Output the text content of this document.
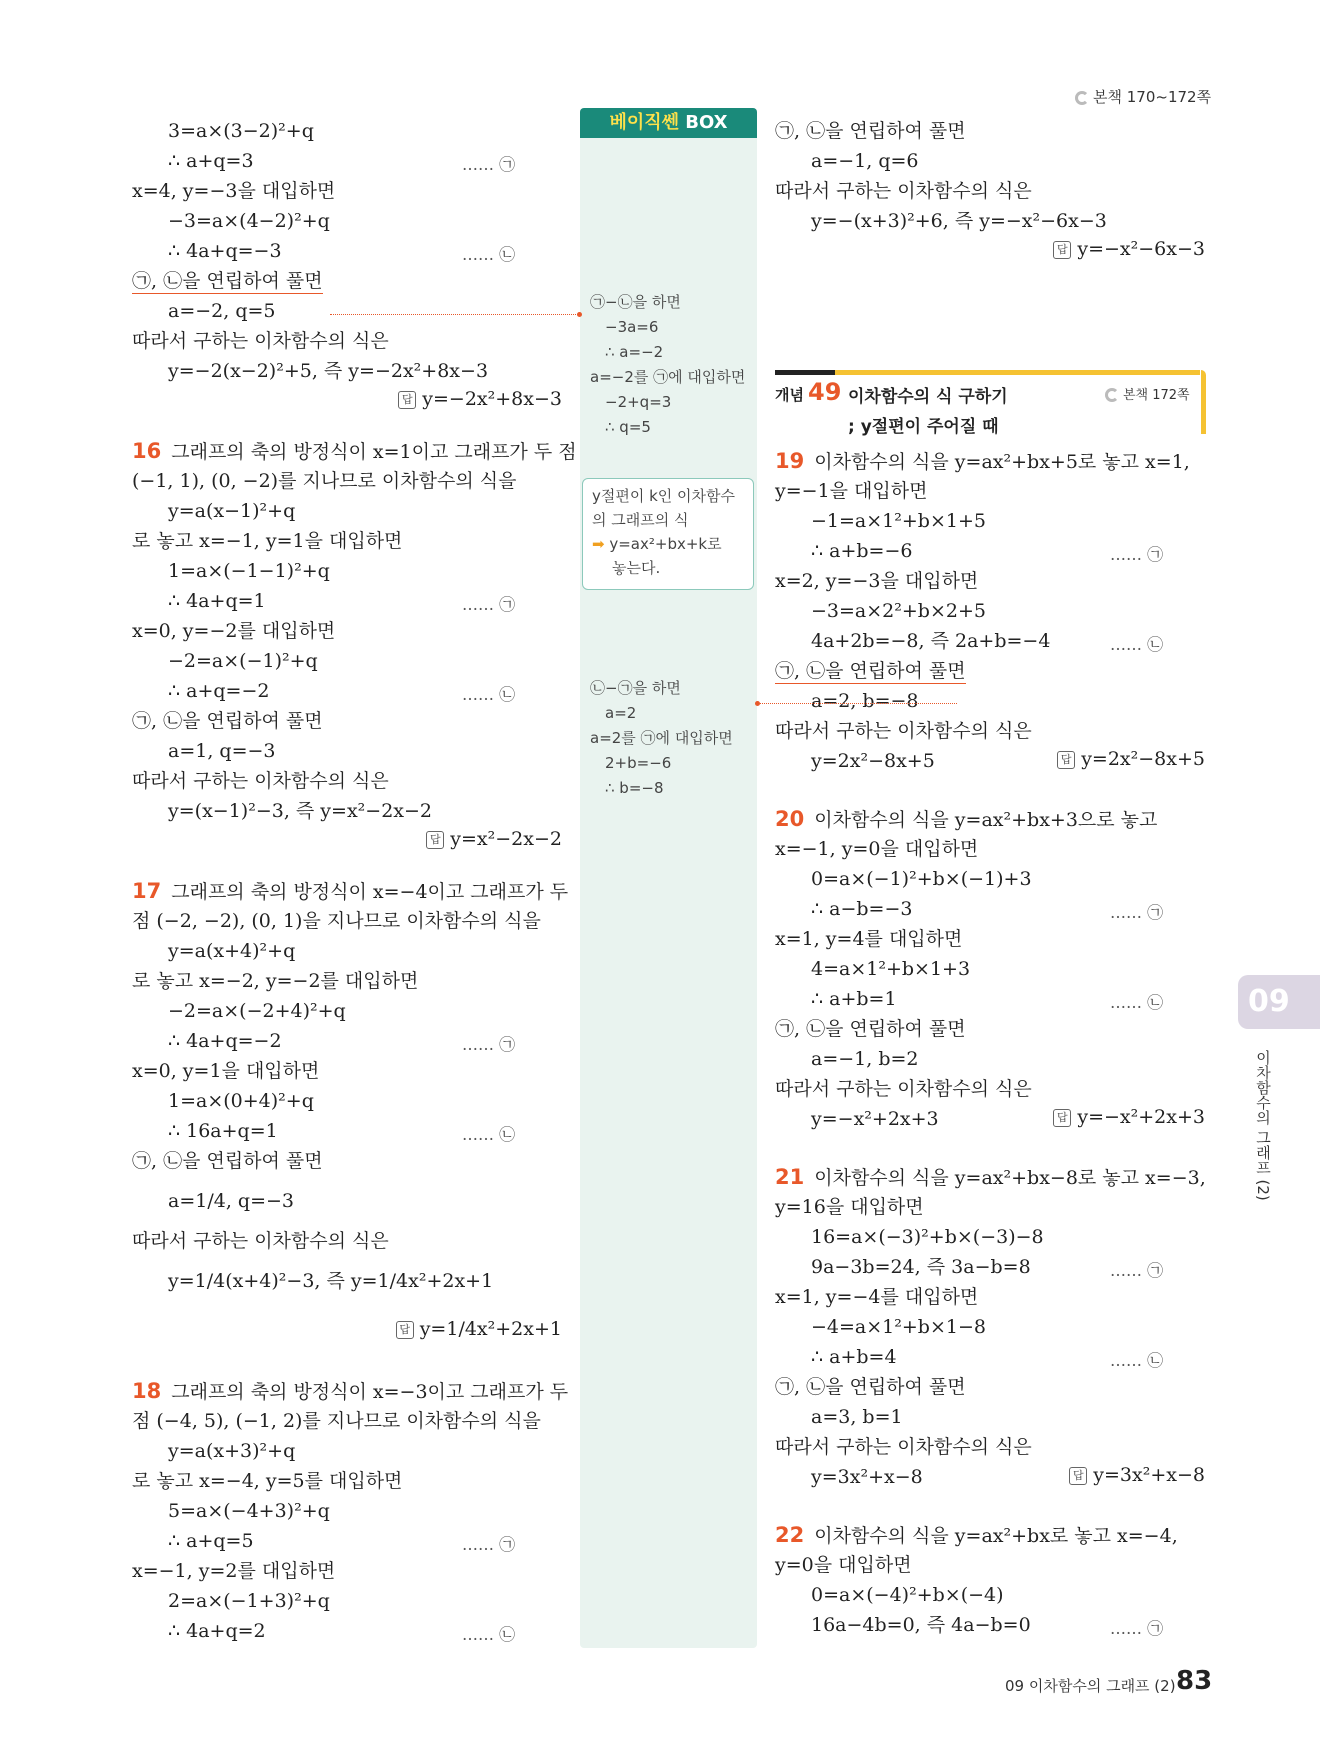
본책 170~172쪽
베이직쎈 BOX
3=a×(3−2)²+q
∴ a+q=3	…… ㉠
x=4, y=−3을 대입하면
−3=a×(4−2)²+q
∴ 4a+q=−3	…… ㉡
㉠, ㉡을 연립하여 풀면
a=−2, q=5
따라서 구하는 이차함수의 식은
y=−2(x−2)²+5, 즉 y=−2x²+8x−3
답 y=−2x²+8x−3
16 그래프의 축의 방정식이 x=1이고 그래프가 두 점
(−1, 1), (0, −2)를 지나므로 이차함수의 식을
y=a(x−1)²+q
로 놓고 x=−1, y=1을 대입하면
1=a×(−1−1)²+q
∴ 4a+q=1	…… ㉠
x=0, y=−2를 대입하면
−2=a×(−1)²+q
∴ a+q=−2	…… ㉡
㉠, ㉡을 연립하여 풀면
a=1, q=−3
따라서 구하는 이차함수의 식은
y=(x−1)²−3, 즉 y=x²−2x−2
답 y=x²−2x−2
17 그래프의 축의 방정식이 x=−4이고 그래프가 두
점 (−2, −2), (0, 1)을 지나므로 이차함수의 식을
y=a(x+4)²+q
로 놓고 x=−2, y=−2를 대입하면
−2=a×(−2+4)²+q
∴ 4a+q=−2	…… ㉠
x=0, y=1을 대입하면
1=a×(0+4)²+q
∴ 16a+q=1	…… ㉡
㉠, ㉡을 연립하여 풀면
a=1/4, q=−3
따라서 구하는 이차함수의 식은
y=1/4(x+4)²−3, 즉 y=1/4x²+2x+1
답 y=1/4x²+2x+1
18 그래프의 축의 방정식이 x=−3이고 그래프가 두
점 (−4, 5), (−1, 2)를 지나므로 이차함수의 식을
y=a(x+3)²+q
로 놓고 x=−4, y=5를 대입하면
5=a×(−4+3)²+q
∴ a+q=5	…… ㉠
x=−1, y=2를 대입하면
2=a×(−1+3)²+q
∴ 4a+q=2	…… ㉡
㉠, ㉡을 연립하여 풀면
a=−1, q=6
따라서 구하는 이차함수의 식은
y=−(x+3)²+6, 즉 y=−x²−6x−3
답 y=−x²−6x−3
19 이차함수의 식을 y=ax²+bx+5로 놓고 x=1,
y=−1을 대입하면
−1=a×1²+b×1+5
∴ a+b=−6	…… ㉠
x=2, y=−3을 대입하면
−3=a×2²+b×2+5
4a+2b=−8, 즉 2a+b=−4	…… ㉡
㉠, ㉡을 연립하여 풀면
a=2, b=−8
따라서 구하는 이차함수의 식은
y=2x²−8x+5	답 y=2x²−8x+5
20 이차함수의 식을 y=ax²+bx+3으로 놓고
x=−1, y=0을 대입하면
0=a×(−1)²+b×(−1)+3
∴ a−b=−3	…… ㉠
x=1, y=4를 대입하면
4=a×1²+b×1+3
∴ a+b=1	…… ㉡
㉠, ㉡을 연립하여 풀면
a=−1, b=2
따라서 구하는 이차함수의 식은
y=−x²+2x+3	답 y=−x²+2x+3
21 이차함수의 식을 y=ax²+bx−8로 놓고 x=−3,
y=16을 대입하면
16=a×(−3)²+b×(−3)−8
9a−3b=24, 즉 3a−b=8	…… ㉠
x=1, y=−4를 대입하면
−4=a×1²+b×1−8
∴ a+b=4	…… ㉡
㉠, ㉡을 연립하여 풀면
a=3, b=1
따라서 구하는 이차함수의 식은
y=3x²+x−8	답 y=3x²+x−8
22 이차함수의 식을 y=ax²+bx로 놓고 x=−4,
y=0을 대입하면
0=a×(−4)²+b×(−4)
16a−4b=0, 즉 4a−b=0	…… ㉠
㉠−㉡을 하면
−3a=6
∴ a=−2
a=−2를 ㉠에 대입하면
−2+q=3
∴ q=5
㉡−㉠을 하면
a=2
a=2를 ㉠에 대입하면
2+b=−6
∴ b=−8
y절편이 k인 이차함수
의 그래프의 식
➡ y=ax²+bx+k로
놓는다.
개념 49 이차함수의 식 구하기
; y절편이 주어질 때
본책 172쪽
09
이차함수의 그래프 (2)
09 이차함수의 그래프 (2) 83
